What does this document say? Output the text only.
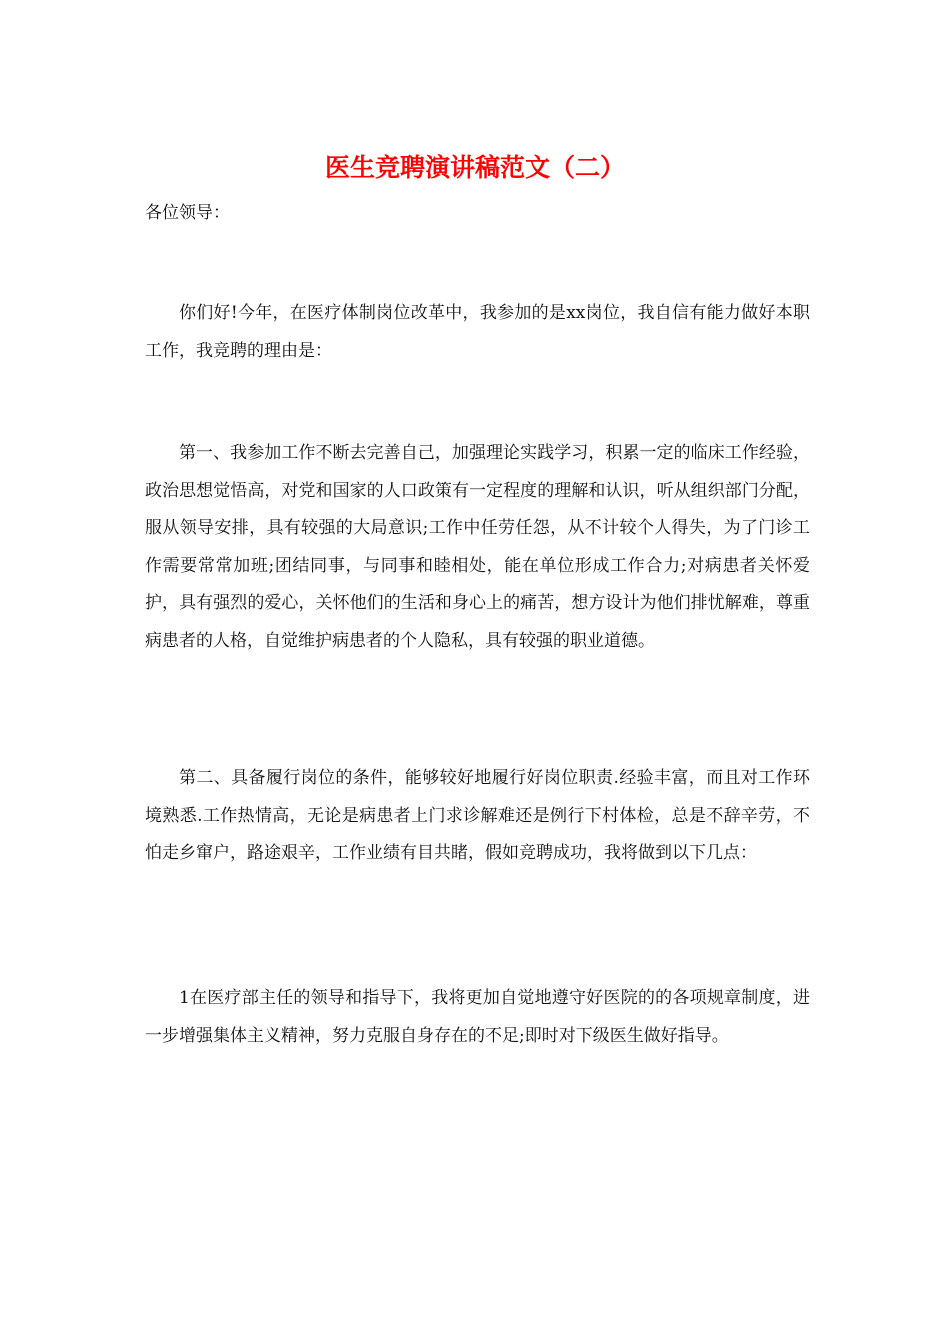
医生竞聘演讲稿范文（二）

各位领导：

你们好!今年，在医疗体制岗位改革中，我参加的是xx岗位，我自信有能力做好本职工作，我竞聘的理由是：

第一、我参加工作不断去完善自己，加强理论实践学习，积累一定的临床工作经验，政治思想觉悟高，对党和国家的人口政策有一定程度的理解和认识，听从组织部门分配，服从领导安排，具有较强的大局意识;工作中任劳任怨，从不计较个人得失，为了门诊工作需要常常加班;团结同事，与同事和睦相处，能在单位形成工作合力;对病患者关怀爱护，具有强烈的爱心，关怀他们的生活和身心上的痛苦，想方设计为他们排忧解难，尊重病患者的人格，自觉维护病患者的个人隐私，具有较强的职业道德。

第二、具备履行岗位的条件，能够较好地履行好岗位职责.经验丰富，而且对工作环境熟悉.工作热情高，无论是病患者上门求诊解难还是例行下村体检，总是不辞辛劳，不怕走乡窜户，路途艰辛，工作业绩有目共睹，假如竞聘成功，我将做到以下几点：

1在医疗部主任的领导和指导下，我将更加自觉地遵守好医院的的各项规章制度，进一步增强集体主义精神，努力克服自身存在的不足;即时对下级医生做好指导。
